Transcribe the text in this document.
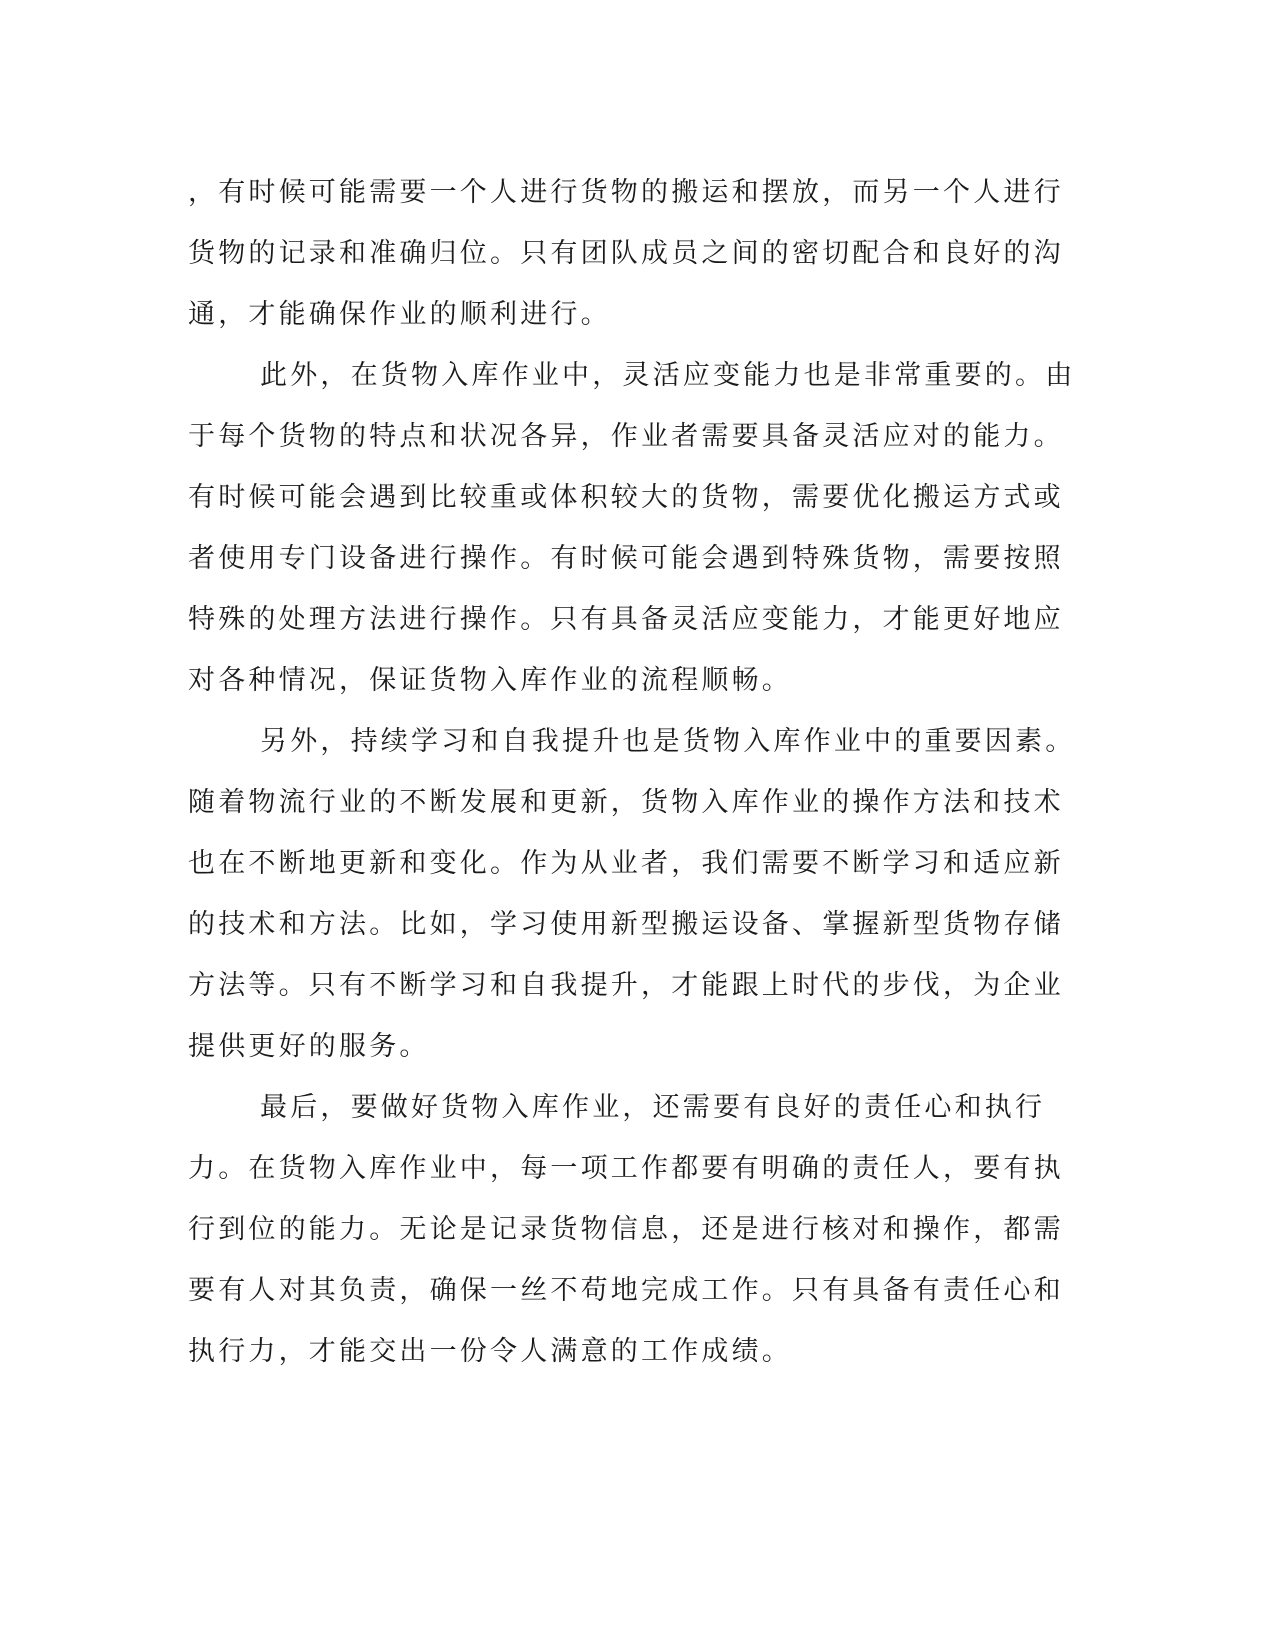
，有时候可能需要一个人进行货物的搬运和摆放，而另一个人进行货物的记录和准确归位。只有团队成员之间的密切配合和良好的沟通，才能确保作业的顺利进行。

此外，在货物入库作业中，灵活应变能力也是非常重要的。由于每个货物的特点和状况各异，作业者需要具备灵活应对的能力。有时候可能会遇到比较重或体积较大的货物，需要优化搬运方式或者使用专门设备进行操作。有时候可能会遇到特殊货物，需要按照特殊的处理方法进行操作。只有具备灵活应变能力，才能更好地应对各种情况，保证货物入库作业的流程顺畅。

另外，持续学习和自我提升也是货物入库作业中的重要因素。随着物流行业的不断发展和更新，货物入库作业的操作方法和技术也在不断地更新和变化。作为从业者，我们需要不断学习和适应新的技术和方法。比如，学习使用新型搬运设备、掌握新型货物存储方法等。只有不断学习和自我提升，才能跟上时代的步伐，为企业提供更好的服务。

最后，要做好货物入库作业，还需要有良好的责任心和执行力。在货物入库作业中，每一项工作都要有明确的责任人，要有执行到位的能力。无论是记录货物信息，还是进行核对和操作，都需要有人对其负责，确保一丝不苟地完成工作。只有具备有责任心和执行力，才能交出一份令人满意的工作成绩。
